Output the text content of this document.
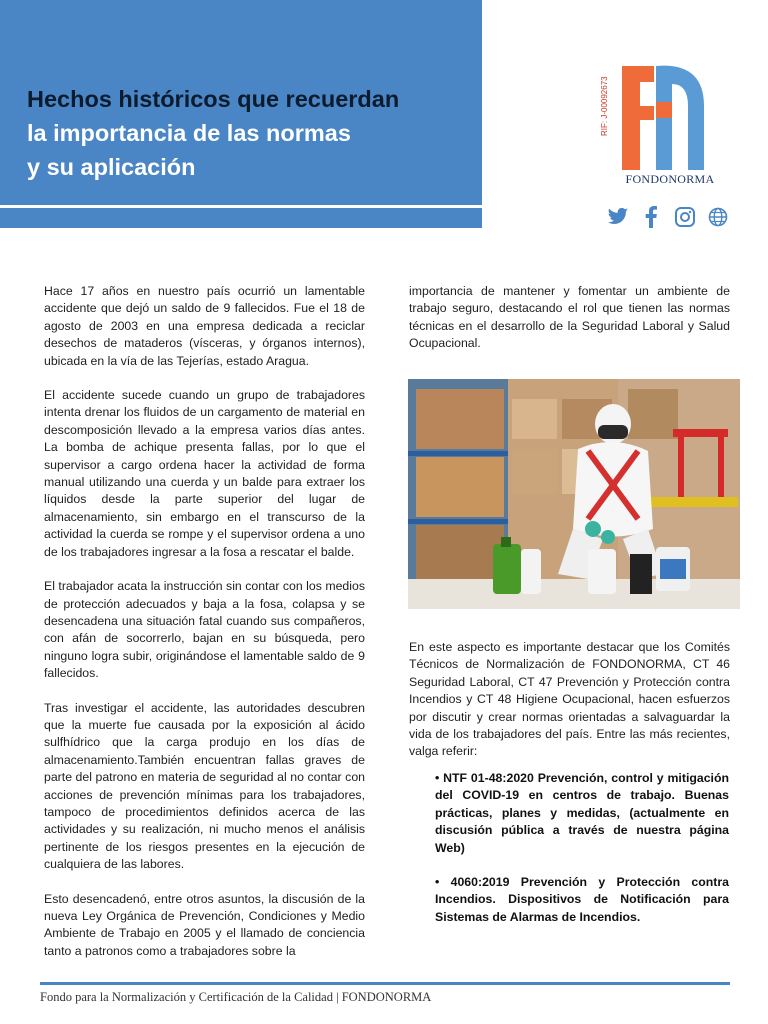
Hechos históricos que recuerdan
la importancia de las normas
y su aplicación
RIF: J-00092673
FONDONORMA

Hace 17 años en nuestro país ocurrió un lamentable accidente que dejó un saldo de 9 fallecidos. Fue el 18 de agosto de 2003 en una empresa dedicada a reciclar desechos de mataderos (vísceras, y órganos internos), ubicada en la vía de las Tejerías, estado Aragua.

El accidente sucede cuando un grupo de trabajadores intenta drenar los fluidos de un cargamento de material en descomposición llevado a la empresa varios días antes. La bomba de achique presenta fallas, por lo que el supervisor a cargo ordena hacer la actividad de forma manual utilizando una cuerda y un balde para extraer los líquidos desde la parte superior del lugar de almacenamiento, sin embargo en el transcurso de la actividad la cuerda se rompe y el supervisor ordena a uno de los trabajadores ingresar a la fosa a rescatar el balde.

El trabajador acata la instrucción sin contar con los medios de protección adecuados y baja a la fosa, colapsa y se desencadena una situación fatal cuando sus compañeros, con afán de socorrerlo, bajan en su búsqueda, pero ninguno logra subir, originándose el lamentable saldo de 9 fallecidos.

Tras investigar el accidente, las autoridades descubren que la muerte fue causada por la exposición al ácido sulfhídrico que la carga produjo en los días de almacenamiento.También encuentran fallas graves de parte del patrono en materia de seguridad al no contar con acciones de prevención mínimas para los trabajadores, tampoco de procedimientos definidos acerca de las actividades y su realización, ni mucho menos el análisis pertinente de los riesgos presentes en la ejecución de cualquiera de las labores.

Esto desencadenó, entre otros asuntos, la discusión de la nueva Ley Orgánica de Prevención, Condiciones y Medio Ambiente de Trabajo en 2005 y el llamado de conciencia tanto a patronos como a trabajadores sobre la

importancia de mantener y fomentar un ambiente de trabajo seguro, destacando el rol que tienen las normas técnicas en el desarrollo de la Seguridad Laboral y Salud Ocupacional.

En este aspecto es importante destacar que los Comités Técnicos de Normalización de FONDONORMA, CT 46 Seguridad Laboral, CT 47 Prevención y Protección contra Incendios y CT 48 Higiene Ocupacional, hacen esfuerzos por discutir y crear normas orientadas a salvaguardar la vida de los trabajadores del país. Entre las más recientes, valga referir:

• NTF 01-48:2020 Prevención, control y mitigación del COVID-19 en centros de trabajo. Buenas prácticas, planes y medidas, (actualmente en discusión pública a través de nuestra página Web)
• 4060:2019 Prevención y Protección contra Incendios. Dispositivos de Notificación para Sistemas de Alarmas de Incendios.
Fondo para la Normalización y Certificación de la Calidad | FONDONORMA
